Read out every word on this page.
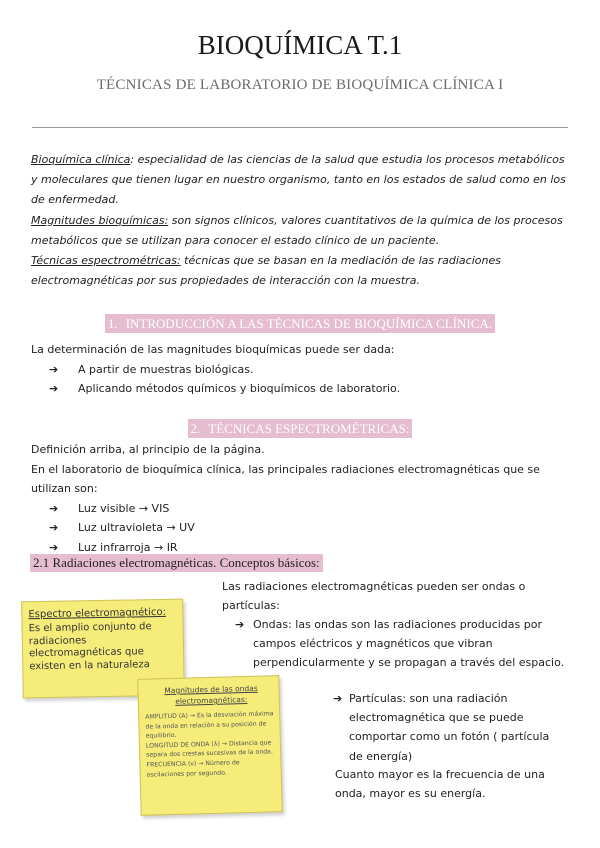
BIOQUÍMICA T.1
TÉCNICAS DE LABORATORIO DE BIOQUÍMICA CLÍNICA I

Bioquímica clínica: especialidad de las ciencias de la salud que estudia los procesos metabólicos y moleculares que tienen lugar en nuestro organismo, tanto en los estados de salud como en los de enfermedad.

Magnitudes bioquímicas: son signos clínicos, valores cuantitativos de la química de los procesos metabólicos que se utilizan para conocer el estado clínico de un paciente.

Técnicas espectrométricas: técnicas que se basan en la mediación de las radiaciones electromagnéticas por sus propiedades de interacción con la muestra.

1. INTRODUCCIÓN A LAS TÉCNICAS DE BIOQUÍMICA CLÍNICA.

La determinación de las magnitudes bioquímicas puede ser dada:

➔ A partir de muestras biológicas.
➔ Aplicando métodos químicos y bioquímicos de laboratorio.
2. TÉCNICAS ESPECTROMÉTRICAS:

Definición arriba, al principio de la página.

En el laboratorio de bioquímica clínica, las principales radiaciones electromagnéticas que se utilizan son:

➔ Luz visible → VIS
➔ Luz ultravioleta → UV
➔ Luz infrarroja → IR
2.1 Radiaciones electromagnéticas. Conceptos básicos:

Las radiaciones electromagnéticas pueden ser ondas o partículas:

➔ Ondas: las ondas son las radiaciones producidas por campos eléctricos y magnéticos que vibran perpendicularmente y se propagan a través del espacio.
➔ Partículas: son una radiación electromagnética que se puede comportar como un fotón ( partícula de energía)
Cuanto mayor es la frecuencia de una onda, mayor es su energía.
Espectro electromagnético:
Es el amplio conjunto de radiaciones electromagnéticas que existen en la naturaleza
Magnitudes de las ondas electromagnéticas:

AMPLITUD (A) → Es la desviación máxima de la onda en relación a su posición de equilibrio.

LONGITUD DE ONDA (λ) → Distancia que separa dos crestas sucesivas de la onda.

FRECUENCIA (ν) → Número de oscilaciones por segundo.
